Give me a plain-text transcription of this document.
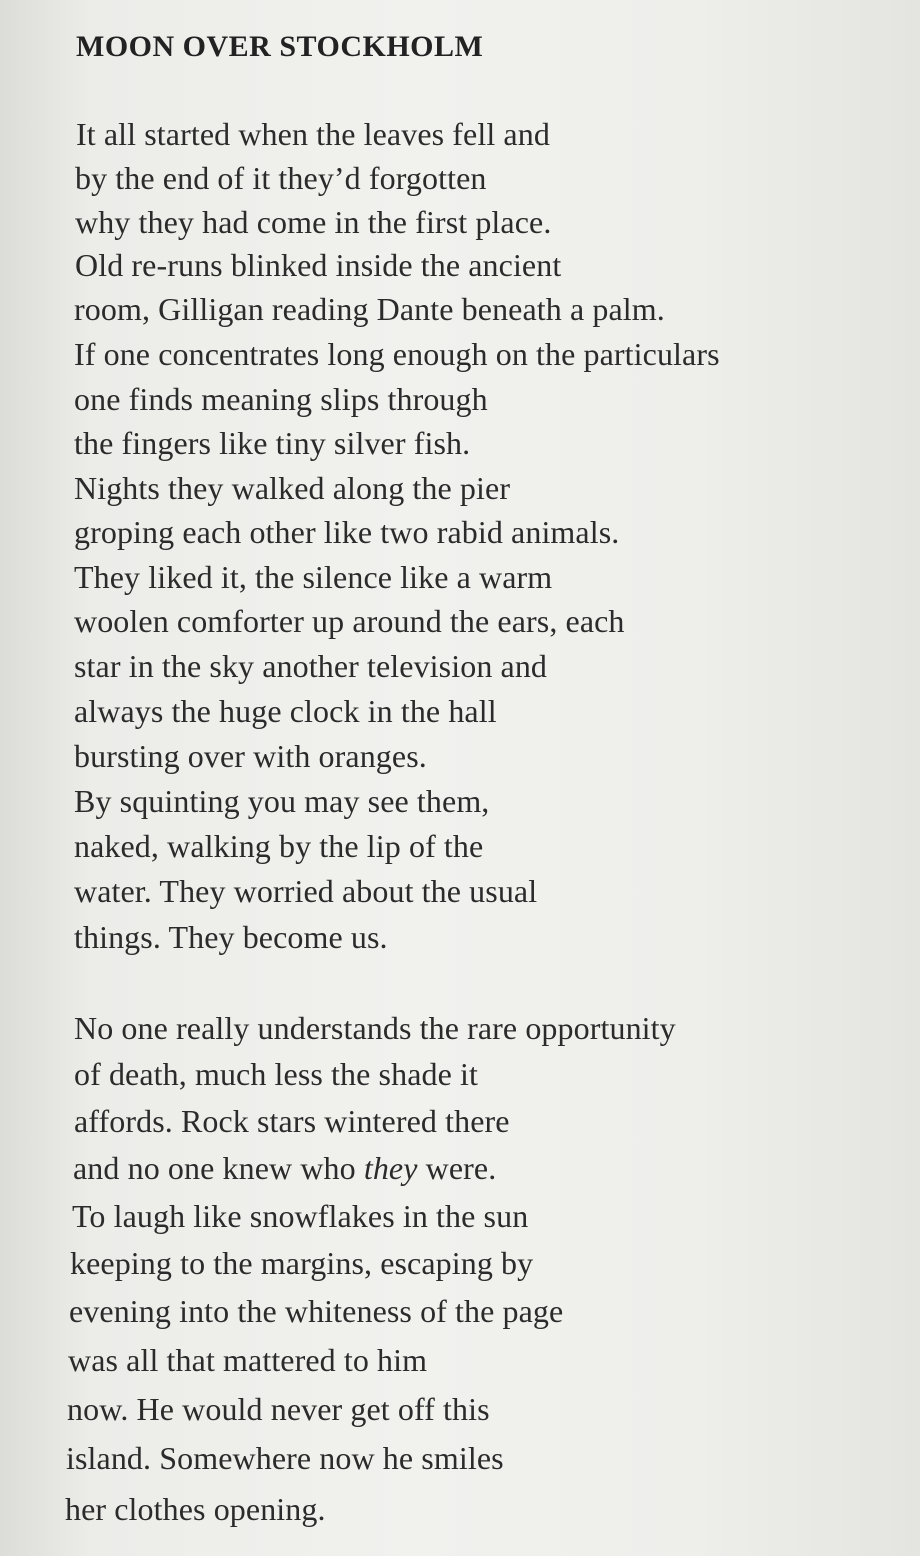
MOON OVER STOCKHOLM
It all started when the leaves fell and
by the end of it they’d forgotten
why they had come in the first place.
Old re-runs blinked inside the ancient
room, Gilligan reading Dante beneath a palm.
If one concentrates long enough on the particulars
one finds meaning slips through
the fingers like tiny silver fish.
Nights they walked along the pier
groping each other like two rabid animals.
They liked it, the silence like a warm
woolen comforter up around the ears, each
star in the sky another television and
always the huge clock in the hall
bursting over with oranges.
By squinting you may see them,
naked, walking by the lip of the
water. They worried about the usual
things. They become us.
No one really understands the rare opportunity
of death, much less the shade it
affords. Rock stars wintered there
and no one knew who they were.
To laugh like snowflakes in the sun
keeping to the margins, escaping by
evening into the whiteness of the page
was all that mattered to him
now. He would never get off this
island. Somewhere now he smiles
her clothes opening.
